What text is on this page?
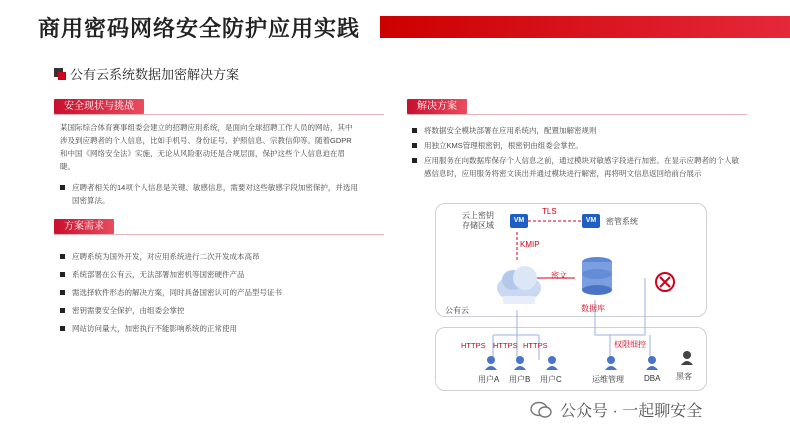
商用密码网络安全防护应用实践
公有云系统数据加密解决方案
安全现状与挑战
某国际综合体育赛事组委会建立的招聘应用系统，是面向全球招聘工作人员的网站，其中涉及到应聘者的个人信息，比如手机号、身份证号、护照信息、宗教信仰等。随着GDPR和中国《网络安全法》实施，无论从风险驱动还是合规层面，保护这些个人信息迫在眉睫。
应聘者相关的14项个人信息是关键、敏感信息，需要对这些敏感字段加密保护，并选用国密算法。
方案需求
应聘系统为国外开发，对应用系统进行二次开发成本高昂
系统部署在公有云，无法部署加密机等国密硬件产品
需选择软件形态的解决方案，同时具备国密认可的产品型号证书
密钥需要安全保护，由组委会掌控
网站访问量大，加密执行不能影响系统的正常使用
解决方案
将数据安全模块部署在应用系统内，配置加解密规则
用独立KMS管理根密钥，根密钥由组委会掌控。
应用服务在向数据库保存个人信息之前，通过模块对敏感字段进行加密。在显示应聘者的个人敏感信息时，应用服务将密文读出并通过模块进行解密，再将明文信息返回给前台展示
VM
云上密钥
存储区域
TLS
VM	密管系统
KMIP
密文
数据库
公有云
HTTPS HTTPS HTTPS	权限细控
用户A 用户B 用户C	运维管理	DBA 黑客
公众号 · 一起聊安全
